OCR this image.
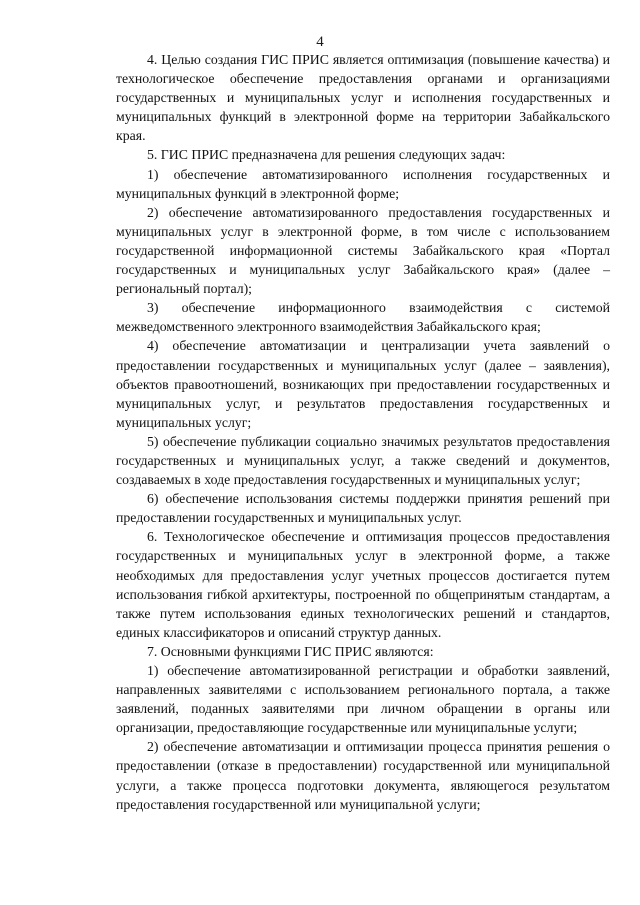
4

4. Целью создания ГИС ПРИС является оптимизация (повышение качества) и технологическое обеспечение предоставления органами и организациями государственных и муниципальных услуг и исполнения государственных и муниципальных функций в электронной форме на территории Забайкальского края.

5. ГИС ПРИС предназначена для решения следующих задач:

1) обеспечение автоматизированного исполнения государственных и муниципальных функций в электронной форме;

2) обеспечение автоматизированного предоставления государственных и муниципальных услуг в электронной форме, в том числе с использованием государственной информационной системы Забайкальского края «Портал государственных и муниципальных услуг Забайкальского края» (далее – региональный портал);

3) обеспечение информационного взаимодействия с системой межведомственного электронного взаимодействия Забайкальского края;

4) обеспечение автоматизации и централизации учета заявлений о предоставлении государственных и муниципальных услуг (далее – заявления), объектов правоотношений, возникающих при предоставлении государственных и муниципальных услуг, и результатов предоставления государственных и муниципальных услуг;

5) обеспечение публикации социально значимых результатов предоставления государственных и муниципальных услуг, а также сведений и документов, создаваемых в ходе предоставления государственных и муниципальных услуг;

6) обеспечение использования системы поддержки принятия решений при предоставлении государственных и муниципальных услуг.

6. Технологическое обеспечение и оптимизация процессов предоставления государственных и муниципальных услуг в электронной форме, а также необходимых для предоставления услуг учетных процессов достигается путем использования гибкой архитектуры, построенной по общепринятым стандартам, а также путем использования единых технологических решений и стандартов, единых классификаторов и описаний структур данных.

7. Основными функциями ГИС ПРИС являются:

1) обеспечение автоматизированной регистрации и обработки заявлений, направленных заявителями с использованием регионального портала, а также заявлений, поданных заявителями при личном обращении в органы или организации, предоставляющие государственные или муниципальные услуги;

2) обеспечение автоматизации и оптимизации процесса принятия решения о предоставлении (отказе в предоставлении) государственной или муниципальной услуги, а также процесса подготовки документа, являющегося результатом предоставления государственной или муниципальной услуги;
